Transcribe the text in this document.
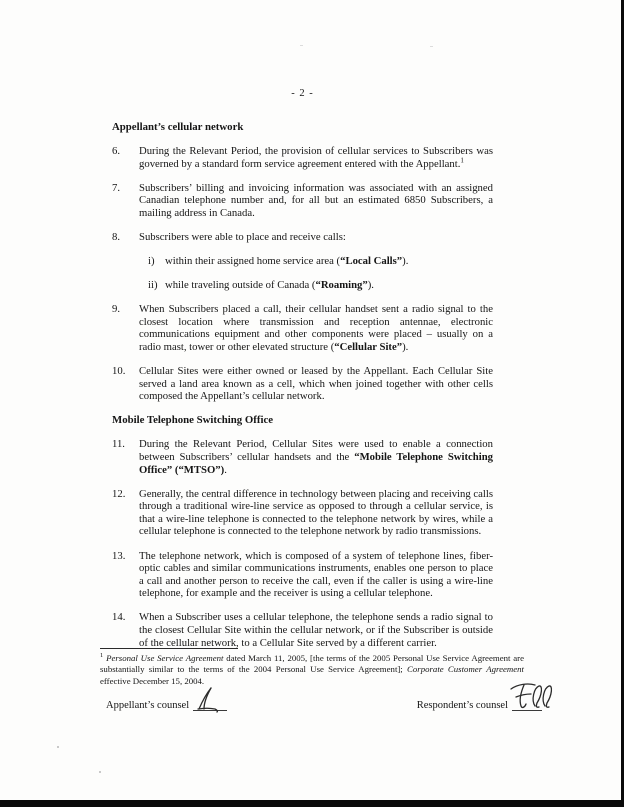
- 2 -
Appellant’s cellular network
6.	During the Relevant Period, the provision of cellular services to Subscribers was governed by a standard form service agreement entered with the Appellant.$^1$
7.	Subscribers’ billing and invoicing information was associated with an assigned Canadian telephone number and, for all but an estimated 6850 Subscribers, a mailing address in Canada.
8.	Subscribers were able to place and receive calls:
i) within their assigned home service area (“Local Calls”).
ii) while traveling outside of Canada (“Roaming”).
9.	When Subscribers placed a call, their cellular handset sent a radio signal to the closest location where transmission and reception antennae, electronic communications equipment and other components were placed – usually on a radio mast, tower or other elevated structure (“Cellular Site”).
10.	Cellular Sites were either owned or leased by the Appellant. Each Cellular Site served a land area known as a cell, which when joined together with other cells composed the Appellant’s cellular network.
Mobile Telephone Switching Office
11.	During the Relevant Period, Cellular Sites were used to enable a connection between Subscribers’ cellular handsets and the “Mobile Telephone Switching Office” (“MTSO”).
12.	Generally, the central difference in technology between placing and receiving calls through a traditional wire-line service as opposed to through a cellular service, is that a wire-line telephone is connected to the telephone network by wires, while a cellular telephone is connected to the telephone network by radio transmissions.
13.	The telephone network, which is composed of a system of telephone lines, fiber-optic cables and similar communications instruments, enables one person to place a call and another person to receive the call, even if the caller is using a wire-line telephone, for example and the receiver is using a cellular telephone.
14.	When a Subscriber uses a cellular telephone, the telephone sends a radio signal to the closest Cellular Site within the cellular network, or if the Subscriber is outside of the cellular network, to a Cellular Site served by a different carrier.
$^1$ Personal Use Service Agreement dated March 11, 2005, [the terms of the 2005 Personal Use Service Agreement are substantially similar to the terms of the 2004 Personal Use Service Agreement]; Corporate Customer Agreement effective December 15, 2004.
Appellant’s counsel	Respondent’s counsel
